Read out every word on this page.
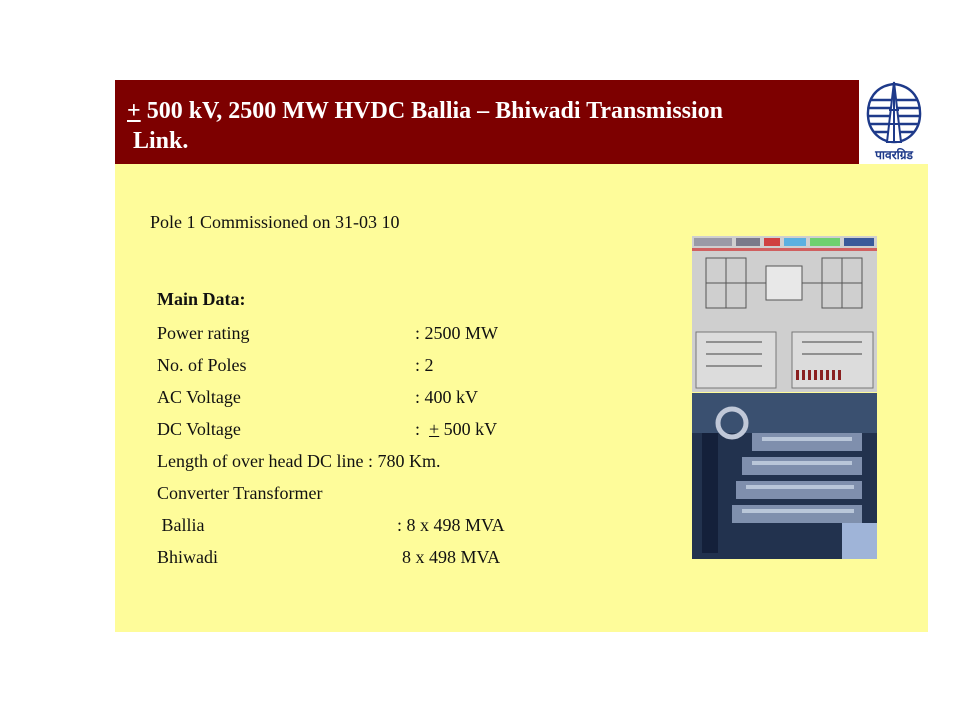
+ 500 kV, 2500 MW HVDC Ballia – Bhiwadi Transmission
Link.
पावरग्रिड
Pole 1 Commissioned on 31-03 10
Main Data:
Power rating	: 2500 MW
No. of Poles	: 2
AC Voltage	: 400 kV
DC Voltage	:  + 500 kV
Length of over head DC line : 780 Km.
Converter Transformer
Ballia	: 8 x 498 MVA
Bhiwadi	8 x 498 MVA
